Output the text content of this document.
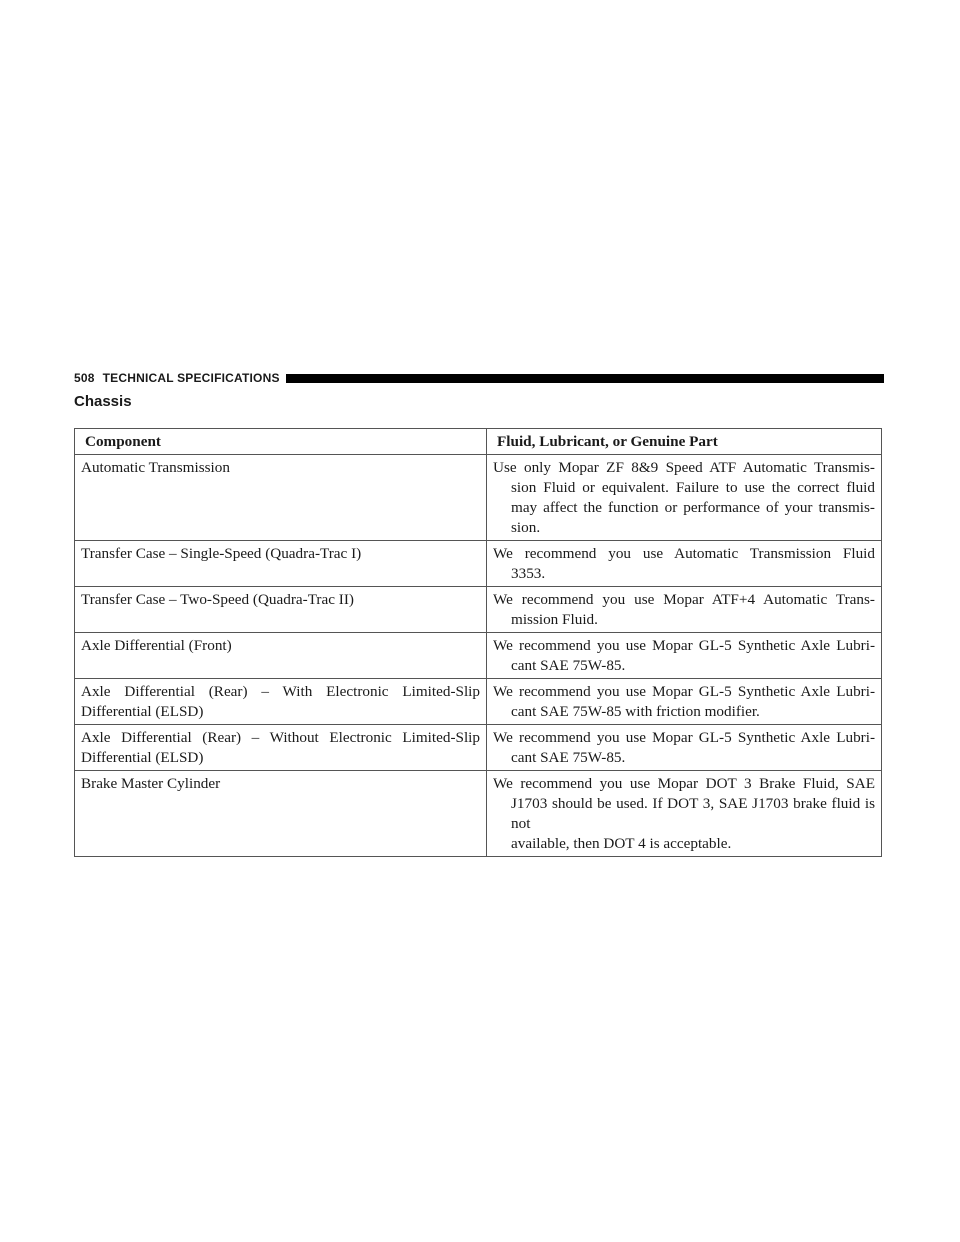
508 TECHNICAL SPECIFICATIONS
Chassis
Component	Fluid, Lubricant, or Genuine Part

Automatic Transmission	Use only Mopar ZF 8&9 Speed ATF Automatic Transmis-
sion Fluid or equivalent. Failure to use the correct fluid
may affect the function or performance of your transmis-
sion.

Transfer Case – Single-Speed (Quadra-Trac I)	We recommend you use Automatic Transmission Fluid
3353.

Transfer Case – Two-Speed (Quadra-Trac II)	We recommend you use Mopar ATF+4 Automatic Trans-
mission Fluid.

Axle Differential (Front)	We recommend you use Mopar GL-5 Synthetic Axle Lubri-
cant SAE 75W-85.

Axle Differential (Rear) – With Electronic Limited-Slip
Differential (ELSD)	We recommend you use Mopar GL-5 Synthetic Axle Lubri-
cant SAE 75W-85 with friction modifier.

Axle Differential (Rear) – Without Electronic Limited-Slip
Differential (ELSD)	We recommend you use Mopar GL-5 Synthetic Axle Lubri-
cant SAE 75W-85.

Brake Master Cylinder	We recommend you use Mopar DOT 3 Brake Fluid, SAE
J1703 should be used. If DOT 3, SAE J1703 brake fluid is not
available, then DOT 4 is acceptable.
